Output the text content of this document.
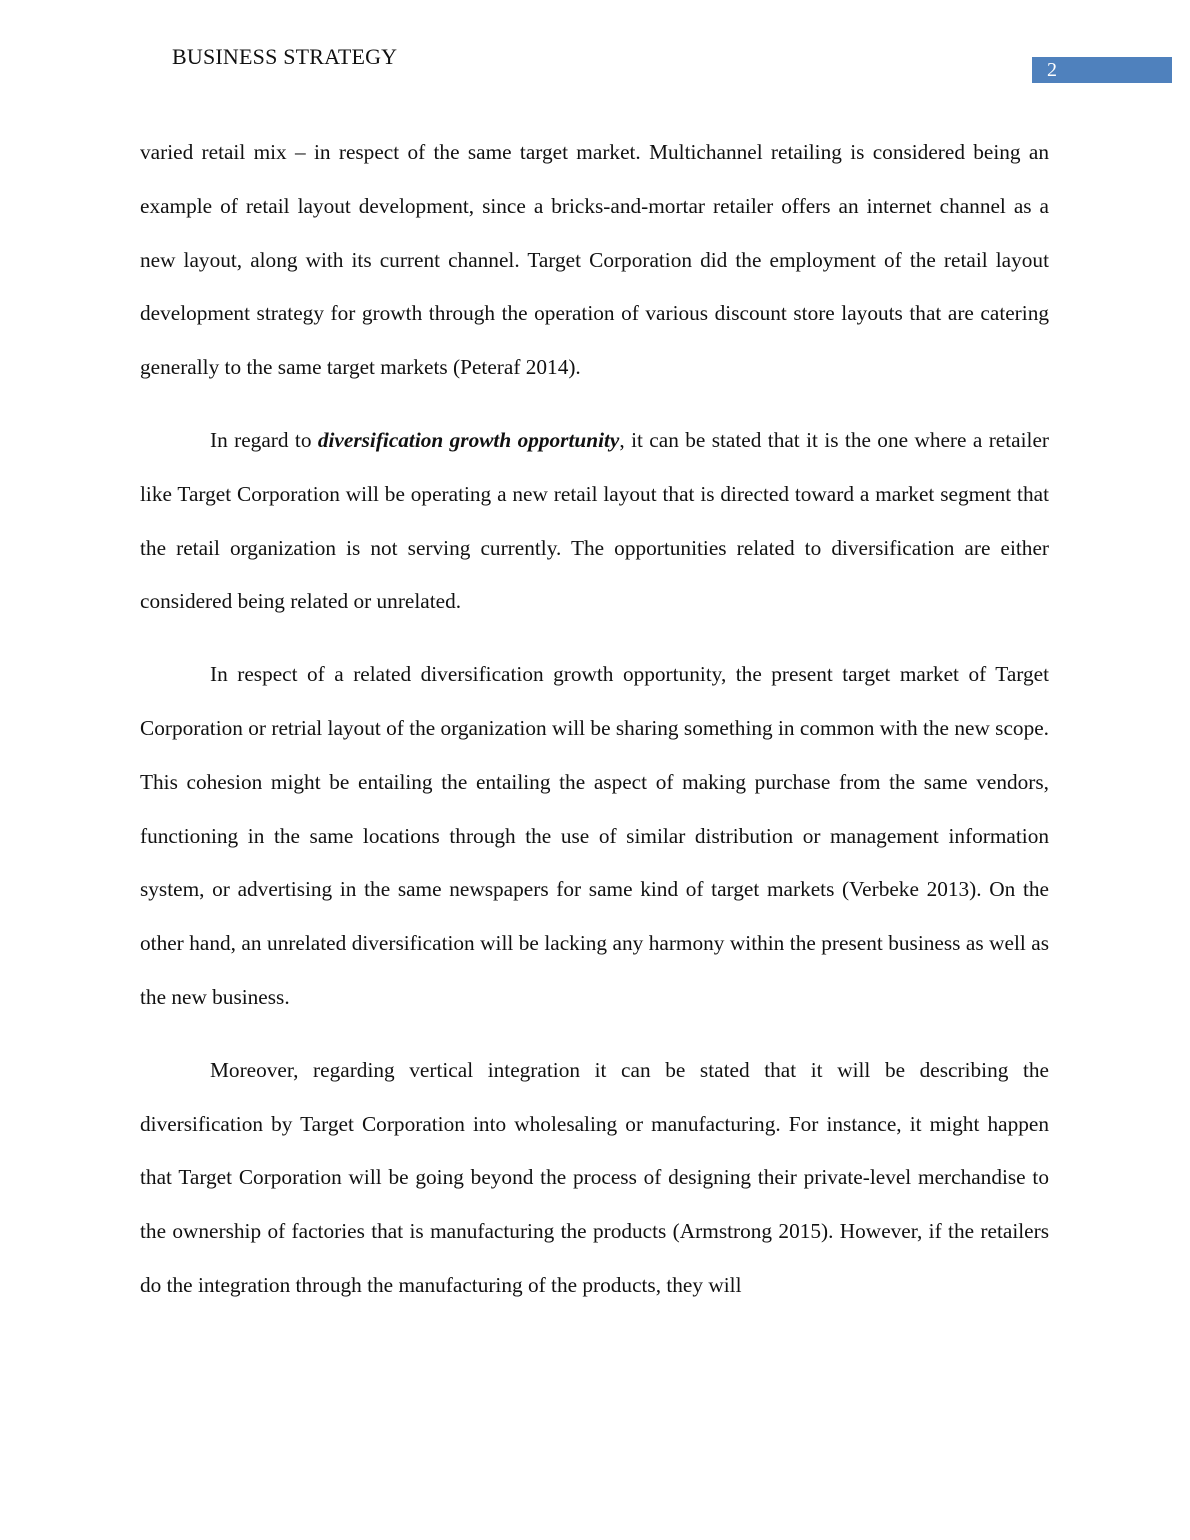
BUSINESS STRATEGY
2

varied retail mix – in respect of the same target market. Multichannel retailing is considered being an example of retail layout development, since a bricks-and-mortar retailer offers an internet channel as a new layout, along with its current channel. Target Corporation did the employment of the retail layout development strategy for growth through the operation of various discount store layouts that are catering generally to the same target markets (Peteraf 2014).

In regard to diversification growth opportunity, it can be stated that it is the one where a retailer like Target Corporation will be operating a new retail layout that is directed toward a market segment that the retail organization is not serving currently. The opportunities related to diversification are either considered being related or unrelated.

In respect of a related diversification growth opportunity, the present target market of Target Corporation or retrial layout of the organization will be sharing something in common with the new scope. This cohesion might be entailing the entailing the aspect of making purchase from the same vendors, functioning in the same locations through the use of similar distribution or management information system, or advertising in the same newspapers for same kind of target markets (Verbeke 2013). On the other hand, an unrelated diversification will be lacking any harmony within the present business as well as the new business.

Moreover, regarding vertical integration it can be stated that it will be describing the diversification by Target Corporation into wholesaling or manufacturing. For instance, it might happen that Target Corporation will be going beyond the process of designing their private-level merchandise to the ownership of factories that is manufacturing the products (Armstrong 2015). However, if the retailers do the integration through the manufacturing of the products, they will
